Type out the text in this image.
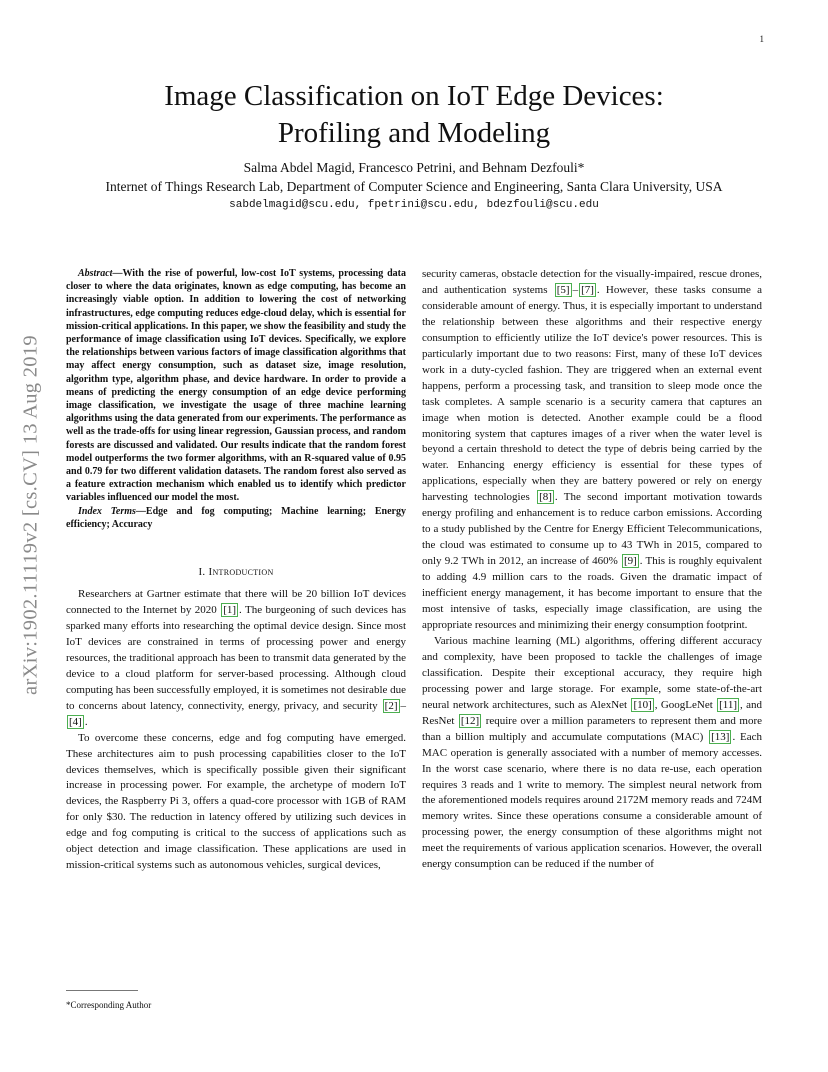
1
Image Classification on IoT Edge Devices:
Profiling and Modeling
Salma Abdel Magid, Francesco Petrini, and Behnam Dezfouli*
Internet of Things Research Lab, Department of Computer Science and Engineering, Santa Clara University, USA
sabdelmagid@scu.edu, fpetrini@scu.edu, bdezfouli@scu.edu
arXiv:1902.11119v2 [cs.CV] 13 Aug 2019

Abstract—With the rise of powerful, low-cost IoT systems, processing data closer to where the data originates, known as edge computing, has become an increasingly viable option. In addition to lowering the cost of networking infrastructures, edge computing reduces edge-cloud delay, which is essential for mission-critical applications. In this paper, we show the feasibility and study the performance of image classification using IoT devices. Specifically, we explore the relationships between various factors of image classification algorithms that may affect energy consumption, such as dataset size, image resolution, algorithm type, algorithm phase, and device hardware. In order to provide a means of predicting the energy consumption of an edge device performing image classification, we investigate the usage of three machine learning algorithms using the data generated from our experiments. The performance as well as the trade-offs for using linear regression, Gaussian process, and random forests are discussed and validated. Our results indicate that the random forest model outperforms the two former algorithms, with an R-squared value of 0.95 and 0.79 for two different validation datasets. The random forest also served as a feature extraction mechanism which enabled us to identify which predictor variables influenced our model the most.

Index Terms—Edge and fog computing; Machine learning; Energy efficiency; Accuracy

I. Introduction

Researchers at Gartner estimate that there will be 20 billion IoT devices connected to the Internet by 2020 [1] . The burgeoning of such devices has sparked many efforts into researching the optimal device design. Since most IoT devices are constrained in terms of processing power and energy resources, the traditional approach has been to transmit data generated by the device to a cloud platform for server-based processing. Although cloud computing has been successfully employed, it is sometimes not desirable due to concerns about latency, connectivity, energy, privacy, and security [2] –[4] .

To overcome these concerns, edge and fog computing have emerged. These architectures aim to push processing capabilities closer to the IoT devices themselves, which is specifically possible given their significant increase in processing power. For example, the archetype of modern IoT devices, the Raspberry Pi 3, offers a quad-core processor with 1GB of RAM for only $30. The reduction in latency offered by utilizing such devices in edge and fog computing is critical to the success of applications such as object detection and image classification. These applications are used in mission-critical systems such as autonomous vehicles, surgical devices,

*Corresponding Author

security cameras, obstacle detection for the visually-impaired, rescue drones, and authentication systems [5] – [7] . However, these tasks consume a considerable amount of energy. Thus, it is especially important to understand the relationship between these algorithms and their respective energy consumption to efficiently utilize the IoT device's power resources. This is particularly important due to two reasons: First, many of these IoT devices work in a duty-cycled fashion. They are triggered when an external event happens, perform a processing task, and transition to sleep mode once the task completes. A sample scenario is a security camera that captures an image when motion is detected. Another example could be a flood monitoring system that captures images of a river when the water level is beyond a certain threshold to detect the type of debris being carried by the water. Enhancing energy efficiency is essential for these types of applications, especially when they are battery powered or rely on energy harvesting technologies [8] . The second important motivation towards energy profiling and enhancement is to reduce carbon emissions. According to a study published by the Centre for Energy Efficient Telecommunications, the cloud was estimated to consume up to 43 TWh in 2015, compared to only 9.2 TWh in 2012, an increase of 460% [9] . This is roughly equivalent to adding 4.9 million cars to the roads. Given the dramatic impact of inefficient energy management, it has become important to ensure that the most intensive of tasks, especially image classification, are using the appropriate resources and minimizing their energy consumption footprint.

Various machine learning (ML) algorithms, offering different accuracy and complexity, have been proposed to tackle the challenges of image classification. Despite their exceptional accuracy, they require high processing power and large storage. For example, some state-of-the-art neural network architectures, such as AlexNet [10] , GoogLeNet [11] , and ResNet [12] require over a million parameters to represent them and more than a billion multiply and accumulate computations (MAC) [13] . Each MAC operation is generally associated with a number of memory accesses. In the worst case scenario, where there is no data re-use, each operation requires 3 reads and 1 write to memory. The simplest neural network from the aforementioned models requires around 2172M memory reads and 724M memory writes. Since these operations consume a considerable amount of processing power, the energy consumption of these algorithms might not meet the requirements of various application scenarios. However, the overall energy consumption can be reduced if the number of
